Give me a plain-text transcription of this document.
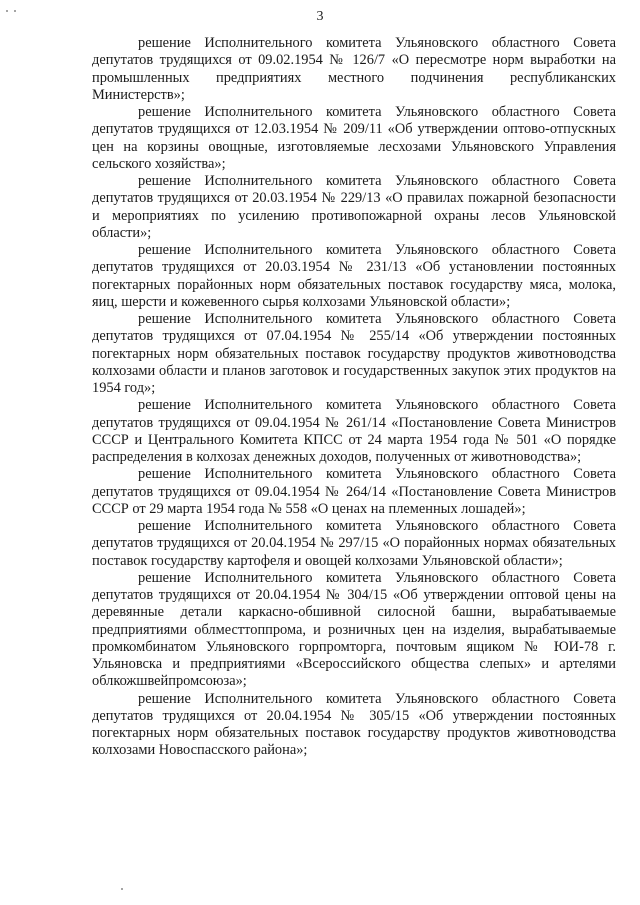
3

решение Исполнительного комитета Ульяновского областного Совета депутатов трудящихся от 09.02.1954 № 126/7 «О пересмотре норм выработки на промышленных предприятиях местного подчинения республиканских Министерств»;

решение Исполнительного комитета Ульяновского областного Совета депутатов трудящихся от 12.03.1954 № 209/11 «Об утверждении оптово-отпускных цен на корзины овощные, изготовляемые лесхозами Ульяновского Управления сельского хозяйства»;

решение Исполнительного комитета Ульяновского областного Совета депутатов трудящихся от 20.03.1954 № 229/13 «О правилах пожарной безопасности и мероприятиях по усилению противопожарной охраны лесов Ульяновской области»;

решение Исполнительного комитета Ульяновского областного Совета депутатов трудящихся от 20.03.1954 № 231/13 «Об установлении постоянных погектарных порайонных норм обязательных поставок государству мяса, молока, яиц, шерсти и кожевенного сырья колхозами Ульяновской области»;

решение Исполнительного комитета Ульяновского областного Совета депутатов трудящихся от 07.04.1954 № 255/14 «Об утверждении постоянных погектарных норм обязательных поставок государству продуктов животноводства колхозами области и планов заготовок и государственных закупок этих продуктов на 1954 год»;

решение Исполнительного комитета Ульяновского областного Совета депутатов трудящихся от 09.04.1954 № 261/14 «Постановление Совета Министров СССР и Центрального Комитета КПСС от 24 марта 1954 года № 501 «О порядке распределения в колхозах денежных доходов, полученных от животноводства»;

решение Исполнительного комитета Ульяновского областного Совета депутатов трудящихся от 09.04.1954 № 264/14 «Постановление Совета Министров СССР от 29 марта 1954 года № 558 «О ценах на племенных лошадей»;

решение Исполнительного комитета Ульяновского областного Совета депутатов трудящихся от 20.04.1954 № 297/15 «О порайонных нормах обязательных поставок государству картофеля и овощей колхозами Ульяновской области»;

решение Исполнительного комитета Ульяновского областного Совета депутатов трудящихся от 20.04.1954 № 304/15 «Об утверждении оптовой цены на деревянные детали каркасно-обшивной силосной башни, вырабатываемые предприятиями облместтоппрома, и розничных цен на изделия, вырабатываемые промкомбинатом Ульяновского горпромторга, почтовым ящиком № ЮИ-78 г. Ульяновска и предприятиями «Всероссийского общества слепых» и артелями облкожшвейпромсоюза»;

решение Исполнительного комитета Ульяновского областного Совета депутатов трудящихся от 20.04.1954 № 305/15 «Об утверждении постоянных погектарных норм обязательных поставок государству продуктов животноводства колхозами Новоспасского района»;
